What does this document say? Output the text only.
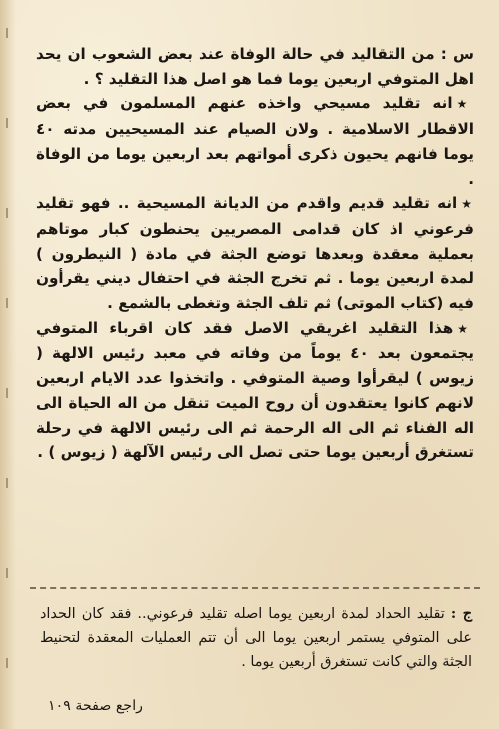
س : من التقاليد في حالة الوفاة عند بعض الشعوب ان يحد اهل المتوفي اربعين يوما فما هو اصل هذا التقليد ؟ .

★انه تقليد مسيحي واخذه عنهم المسلمون في بعض الاقطار الاسلامية . ولان الصيام عند المسيحيين مدته ٤٠ يوما فانهم يحيون ذكرى أمواتهم بعد اربعين يوما من الوفاة .

★انه تقليد قديم واقدم من الديانة المسيحية .. فهو تقليد فرعوني اذ كان قدامى المصريين يحنطون كبار موتاهم بعملية معقدة وبعدها توضع الجثة في مادة ( النيطرون ) لمدة اربعين يوما . ثم تخرج الجثة في احتفال ديني يقرأون فيه (كتاب الموتى) ثم تلف الجثة وتغطى بالشمع .

★هذا التقليد اغريقي الاصل فقد كان اقرباء المتوفي يجتمعون بعد ٤٠ يوماً من وفاته في معبد رئيس الالهة ( زيوس ) ليقرأوا وصية المتوفي . واتخذوا عدد الايام اربعين لانهم كانوا يعتقدون أن روح الميت تنقل من اله الحياة الى اله الفناء ثم الى اله الرحمة ثم الى رئيس الالهة في رحلة تستغرق أربعين يوما حتى تصل الى رئيس الآلهة ( زيوس ) .

ج : تقليد الحداد لمدة اربعين يوما اصله تقليد فرعوني.. فقد كان الحداد على المتوفي يستمر اربعين يوما الى أن تتم العمليات المعقدة لتحنيط الجثة والتي كانت تستغرق أربعين يوما .

راجع صفحة ١٠٩
